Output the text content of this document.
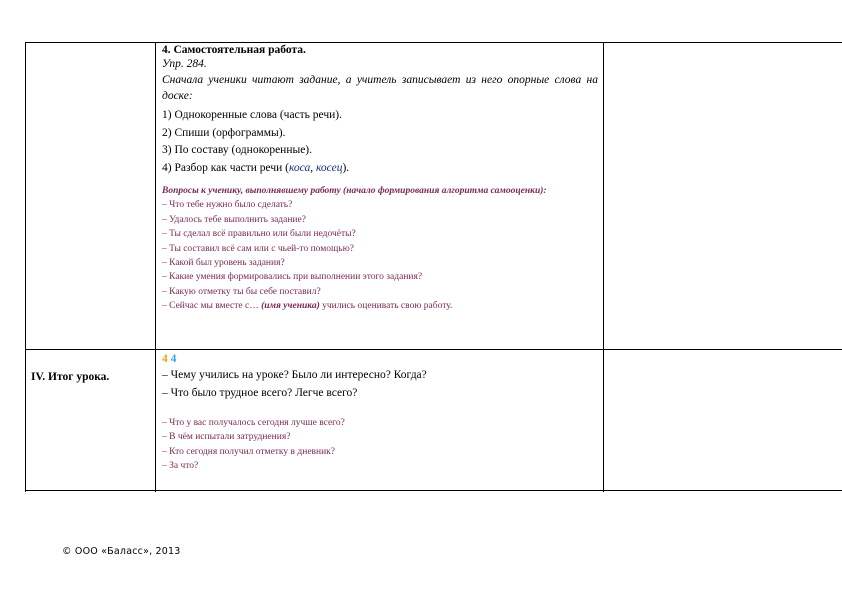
4. Самостоятельная работа.

Упр. 284.

Сначала ученики читают задание, а учитель записывает из него опорные слова на доске:

1) Однокоренные слова (часть речи).

2) Спиши (орфограммы).

3) По составу (однокоренные).

4) Разбор как части речи (коса, косец).

Вопросы к ученику, выполнявшему работу (начало формирования алгоритма самооценки):

– Что тебе нужно было сделать?

– Удалось тебе выполнить задание?

– Ты сделал всё правильно или были недочёты?

– Ты составил всё сам или с чьей-то помощью?

– Какой был уровень задания?

– Какие умения формировались при выполнении этого задания?

– Какую отметку ты бы себе поставил?

– Сейчас мы вместе с… (имя ученика) учились оценивать свою работу.

IV. Итог урока.

4 4

– Чему учились на уроке? Было ли интересно? Когда?

– Что было трудное всего? Легче всего?

– Что у вас получалось сегодня лучше всего?

– В чём испытали затруднения?

– Кто сегодня получил отметку в дневник?

– За что?

© ООО «Баласс», 2013
